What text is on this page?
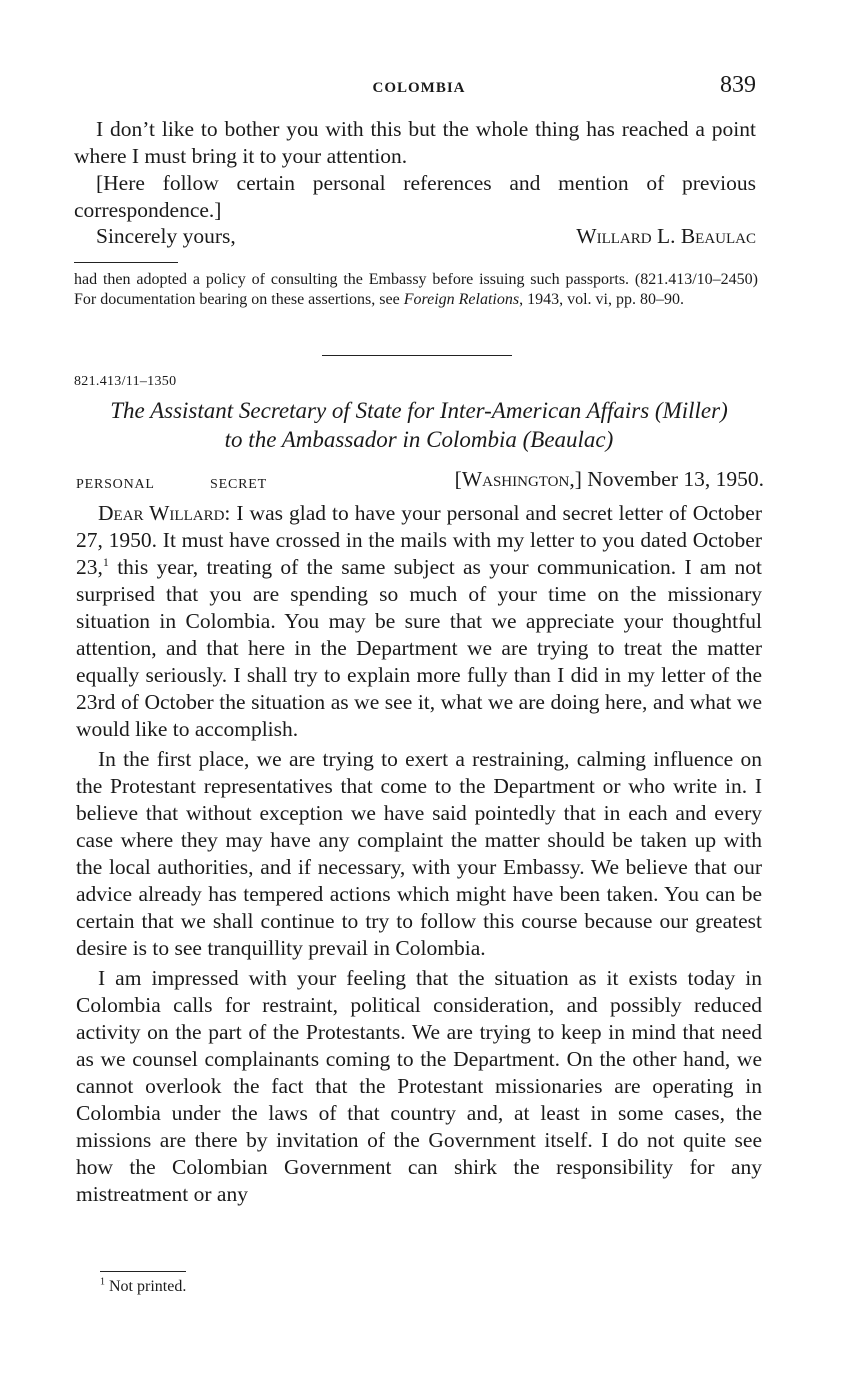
COLOMBIA	839

I don’t like to bother you with this but the whole thing has reached a point where I must bring it to your attention.

[Here follow certain personal references and mention of previous correspondence.]

Sincerely yours,	Willard L. Beaulac
had then adopted a policy of consulting the Embassy before issuing such passports. (821.413/10–2450) For documentation bearing on these assertions, see Foreign Relations, 1943, vol. vi, pp. 80–90.
821.413/11–1350
The Assistant Secretary of State for Inter-American Affairs (Miller)
to the Ambassador in Colombia (Beaulac)
PERSONAL	SECRET	[Washington,] November 13, 1950.

Dear Willard: I was glad to have your personal and secret letter of October 27, 1950. It must have crossed in the mails with my letter to you dated October 23,$^1$ this year, treating of the same subject as your communication. I am not surprised that you are spending so much of your time on the missionary situation in Colombia. You may be sure that we appreciate your thoughtful attention, and that here in the Department we are trying to treat the matter equally seriously. I shall try to explain more fully than I did in my letter of the 23rd of October the situation as we see it, what we are doing here, and what we would like to accomplish.

In the first place, we are trying to exert a restraining, calming influence on the Protestant representatives that come to the Department or who write in. I believe that without exception we have said pointedly that in each and every case where they may have any complaint the matter should be taken up with the local authorities, and if necessary, with your Embassy. We believe that our advice already has tempered actions which might have been taken. You can be certain that we shall continue to try to follow this course because our greatest desire is to see tranquillity prevail in Colombia.

I am impressed with your feeling that the situation as it exists today in Colombia calls for restraint, political consideration, and possibly reduced activity on the part of the Protestants. We are trying to keep in mind that need as we counsel complainants coming to the Department. On the other hand, we cannot overlook the fact that the Protestant missionaries are operating in Colombia under the laws of that country and, at least in some cases, the missions are there by invitation of the Government itself. I do not quite see how the Colombian Government can shirk the responsibility for any mistreatment or any

$^1$ Not printed.
